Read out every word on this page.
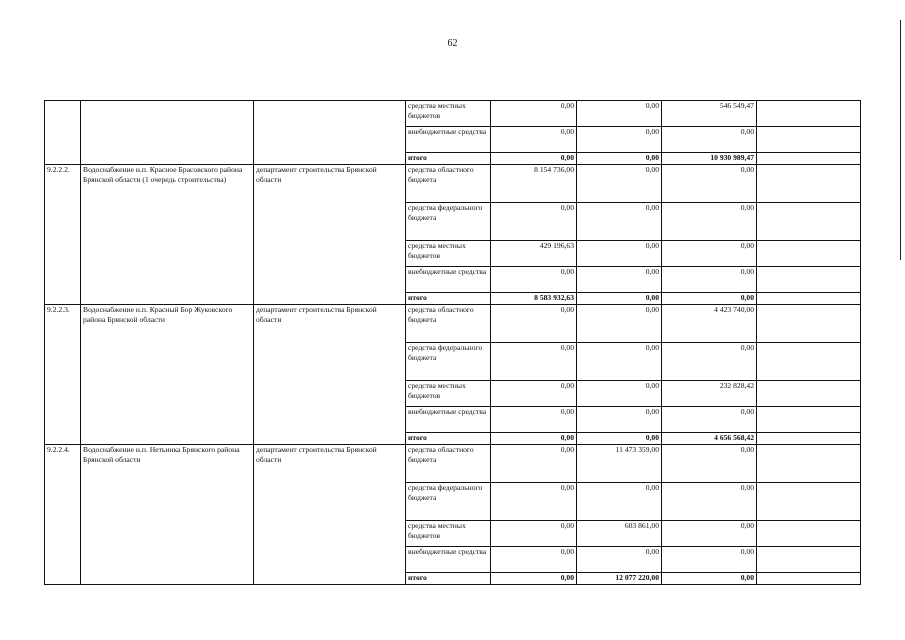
62
			средства местных бюджетов	0,00	0,00	546 549,47	
			внебюджетные средства	0,00	0,00	0,00	
			итого	0,00	0,00	10 930 989,47	
9.2.2.2.	Водоснабжение н.п. Красное Брасовского района Брянской области (1 очередь строительства)	департамент строительства Брянской области	средства областного бюджета	8 154 736,00	0,00	0,00	
			средства федерального бюджета	0,00	0,00	0,00	
			средства местных бюджетов	429 196,63	0,00	0,00	
			внебюджетные средства	0,00	0,00	0,00	
			итого	8 583 932,63	0,00	0,00	
9.2.2.3.	Водоснабжение н.п. Красный Бор Жуковского района Брянской области	департамент строительства Брянской области	средства областного бюджета	0,00	0,00	4 423 740,00	
			средства федерального бюджета	0,00	0,00	0,00	
			средства местных бюджетов	0,00	0,00	232 828,42	
			внебюджетные средства	0,00	0,00	0,00	
			итого	0,00	0,00	4 656 568,42	
9.2.2.4.	Водоснабжение н.п. Нетьинка Брянского района Брянской области	департамент строительства Брянской области	средства областного бюджета	0,00	11 473 359,00	0,00	
			средства федерального бюджета	0,00	0,00	0,00	
			средства местных бюджетов	0,00	603 861,00	0,00	
			внебюджетные средства	0,00	0,00	0,00	
			итого	0,00	12 077 220,00	0,00	
